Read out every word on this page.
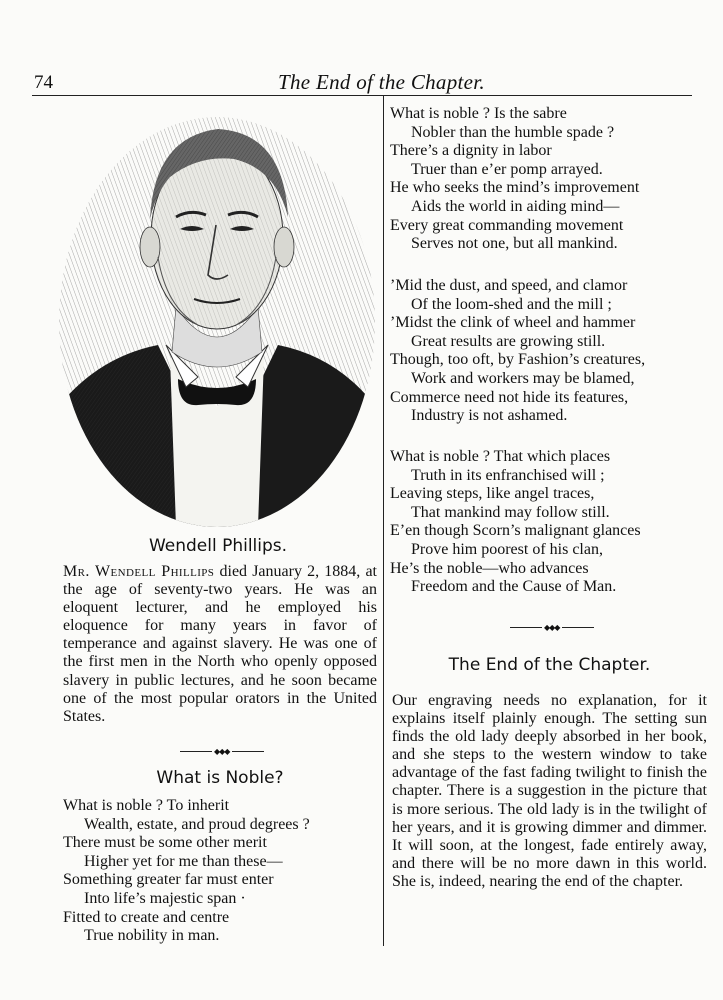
74	The End of the Chapter.
Wendell Phillips.
Mr. Wendell Phillips died January 2, 1884, at the age of seventy-two years. He was an eloquent lecturer, and he employed his eloquence for many years in favor of temperance and against slavery. He was one of the first men in the North who openly opposed slavery in public lectures, and he soon became one of the most popular orators in the United States.
◆◆◆
What is Noble?
What is noble ? To inherit
Wealth, estate, and proud degrees ?
There must be some other merit
Higher yet for me than these—
Something greater far must enter
Into life’s majestic span ·
Fitted to create and centre
True nobility in man.
What is noble ? Is the sabre
Nobler than the humble spade ?
There’s a dignity in labor
Truer than e’er pomp arrayed.
He who seeks the mind’s improvement
Aids the world in aiding mind—
Every great commanding movement
Serves not one, but all mankind.
’Mid the dust, and speed, and clamor
Of the loom-shed and the mill ;
’Midst the clink of wheel and hammer
Great results are growing still.
Though, too oft, by Fashion’s creatures,
Work and workers may be blamed,
Commerce need not hide its features,
Industry is not ashamed.
What is noble ? That which places
Truth in its enfranchised will ;
Leaving steps, like angel traces,
That mankind may follow still.
E’en though Scorn’s malignant glances
Prove him poorest of his clan,
He’s the noble—who advances
Freedom and the Cause of Man.
◆◆◆
The End of the Chapter.
Our engraving needs no explanation, for it explains itself plainly enough. The setting sun finds the old lady deeply absorbed in her book, and she steps to the western window to take advantage of the fast fading twilight to finish the chapter. There is a suggestion in the picture that is more serious. The old lady is in the twilight of her years, and it is growing dimmer and dimmer. It will soon, at the longest, fade entirely away, and there will be no more dawn in this world. She is, indeed, nearing the end of the chapter.
